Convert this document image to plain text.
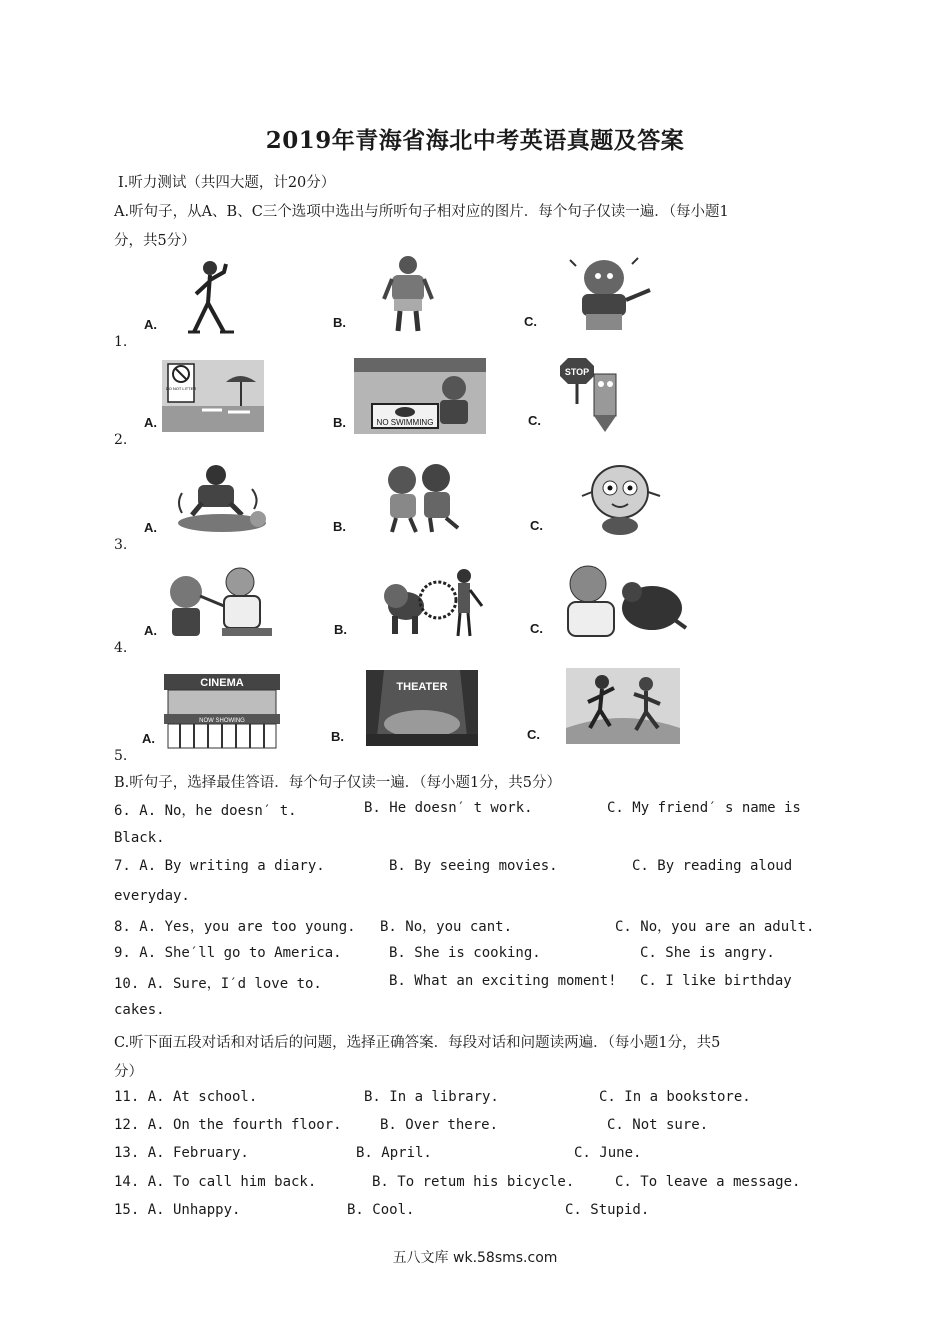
2019年青海省海北中考英语真题及答案
Ⅰ.听力测试（共四大题，计20分）
A.听句子，从A、B、C三个选项中选出与所听句子相对应的图片．每个句子仅读一遍．（每小题1
分，共5分）
1.
A.	B.	C.
2.
A.	B.	C.
DO NOT LITTER
NO SWIMMING
STOP
3.
A.	B.	C.
4.
A.	B.	C.
5.
A.	B.	C.
CINEMA
NOW SHOWING
THEATER
B.听句子，选择最佳答语．每个句子仅读一遍．（每小题1分，共5分）
6. A. No，he doesn′ t.	B. He doesn′ t work.	C. My friend′ s name is
Black.
7. A. By writing a diary.	B. By seeing movies.	C. By reading aloud
everyday.
8. A. Yes，you are too young. B. No，you cant.	C. No，you are an adult.
9. A. She′ll go to America.	B. She is cooking.	C. She is angry.
10. A. Sure，I′d love to.	B. What an exciting moment! C. I like birthday
cakes.
C.听下面五段对话和对话后的问题，选择正确答案．每段对话和问题读两遍．（每小题1分，共5
分）
11. A. At school.	B. In a library.	C. In a bookstore.
12. A. On the fourth floor.	B. Over there.	C. Not sure.
13. A. February.	B. April.	C. June.
14. A. To call him back.	B. To retum his bicycle.	C. To leave a message.
15. A. Unhappy.	B. Cool.	C. Stupid.
五八文库 wk.58sms.com
